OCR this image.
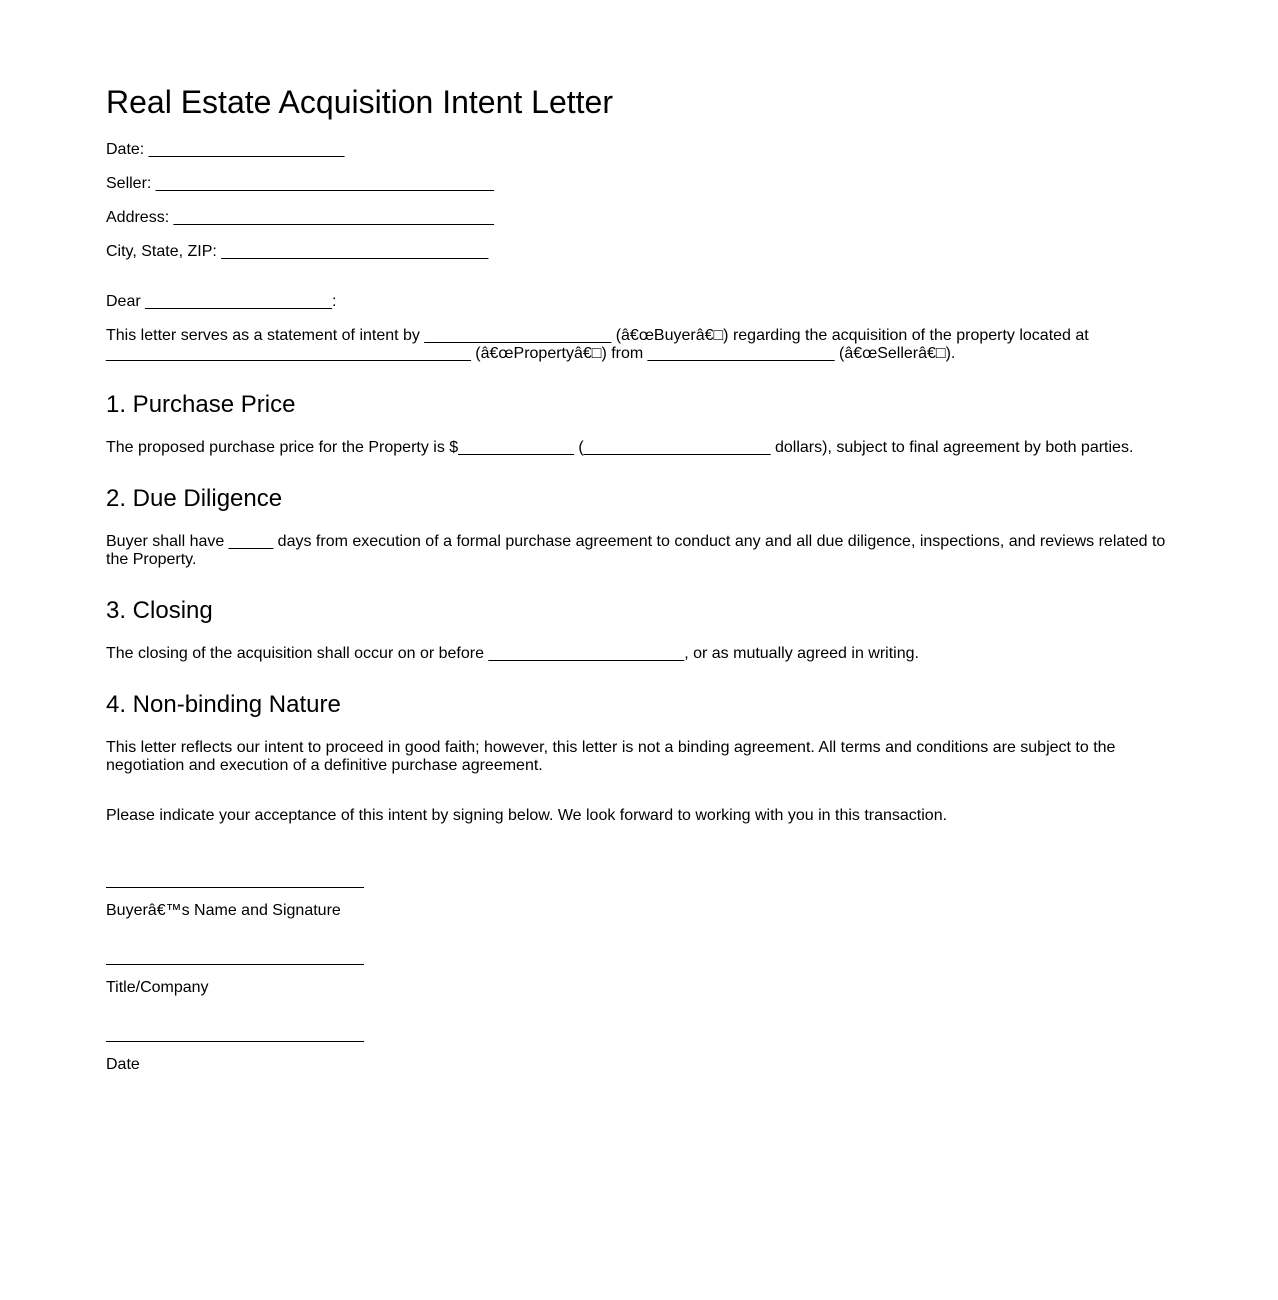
Real Estate Acquisition Intent Letter
Date: ______________________
Seller: ______________________________________
Address: ____________________________________
City, State, ZIP: ______________________________
Dear _____________________:

This letter serves as a statement of intent by _____________________ (â€œBuyerâ€□) regarding the acquisition of the property located at _________________________________________ (â€œPropertyâ€□) from _____________________ (â€œSellerâ€□).

1. Purchase Price

The proposed purchase price for the Property is $_____________ (_____________________ dollars), subject to final agreement by both parties.

2. Due Diligence

Buyer shall have _____ days from execution of a formal purchase agreement to conduct any and all due diligence, inspections, and reviews related to the Property.

3. Closing

The closing of the acquisition shall occur on or before ______________________, or as mutually agreed in writing.

4. Non-binding Nature

This letter reflects our intent to proceed in good faith; however, this letter is not a binding agreement. All terms and conditions are subject to the negotiation and execution of a definitive purchase agreement.

Please indicate your acceptance of this intent by signing below. We look forward to working with you in this transaction.

Buyerâ€™s Name and Signature
Title/Company
Date
